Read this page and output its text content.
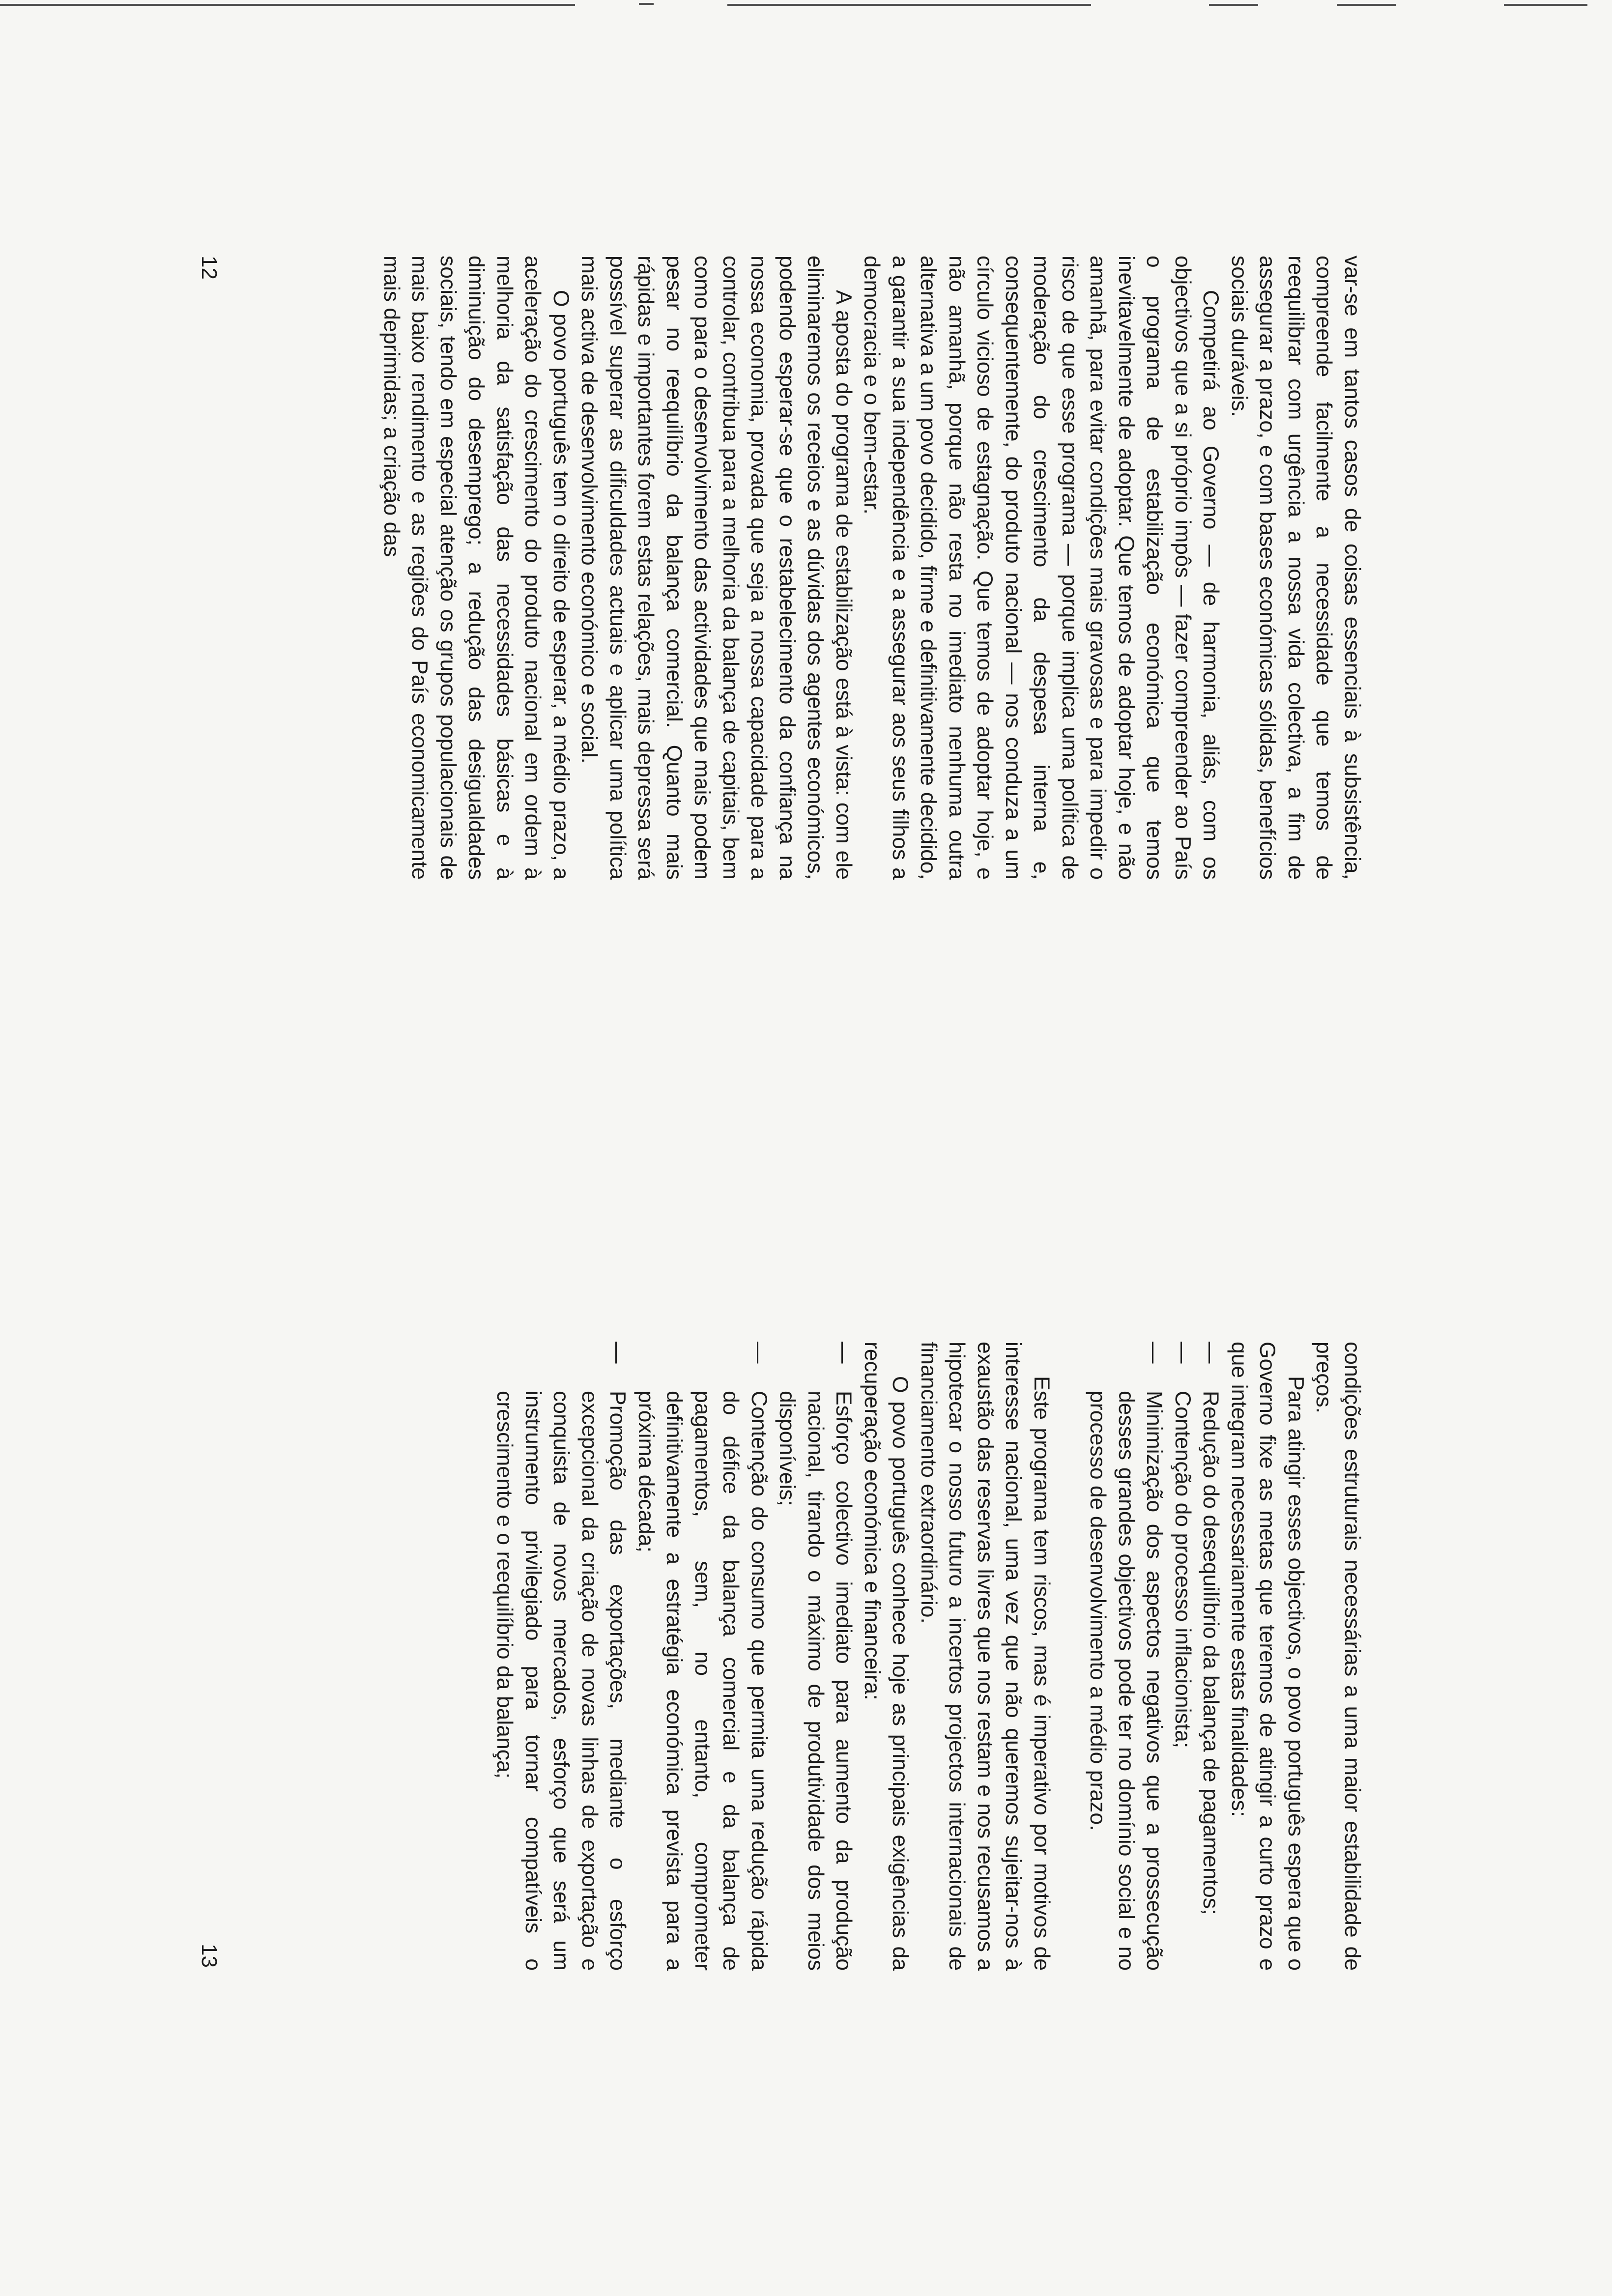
var-se em tantos casos de coisas essenciais à subsistência, compreende facilmente a necessidade que temos de reequilibrar com urgência a nossa vida colectiva, a fim de assegurar a prazo, e com bases económicas sólidas, benefícios sociais duráveis.

Competirá ao Governo — de harmonia, aliás, com os objectivos que a si próprio impôs — fazer compreender ao País o programa de estabilização económica que temos inevitavelmente de adoptar. Que temos de adoptar hoje, e não amanhã, para evitar condições mais gravosas e para impedir o risco de que esse programa — porque implica uma política de moderação do crescimento da despesa interna e, consequentemente, do produto nacional — nos conduza a um círculo vicioso de estagnação. Que temos de adoptar hoje, e não amanhã, porque não resta no imediato nenhuma outra alternativa a um povo decidido, firme e definitivamente decidido, a garantir a sua independência e a assegurar aos seus filhos a democracia e o bem-estar.

A aposta do programa de estabilização está à vista: com ele eliminaremos os receios e as dúvidas dos agentes económicos, podendo esperar-se que o restabelecimento da confiança na nossa economia, provada que seja a nossa capacidade para a controlar, contribua para a melhoria da balança de capitais, bem como para o desenvolvimento das actividades que mais podem pesar no reequilíbrio da balança comercial. Quanto mais rápidas e importantes forem estas relações, mais depressa será possível superar as dificuldades actuais e aplicar uma política mais activa de desenvolvimento económico e social.

O povo português tem o direito de esperar, a médio prazo, a aceleração do crescimento do produto nacional em ordem à melhoria da satisfação das necessidades básicas e à diminuição do desemprego; a redução das desigualdades sociais, tendo em especial atenção os grupos populacionais de mais baixo rendimento e as regiões do País economicamente mais deprimidas; a criação das

12

condições estruturais necessárias a uma maior estabilidade de preços.

Para atingir esses objectivos, o povo português espera que o Governo fixe as metas que teremos de atingir a curto prazo e que integram necessariamente estas finalidades:

— Redução do desequilíbrio da balança de pagamentos;
— Contenção do processo inflacionista;
— Minimização dos aspectos negativos que a prossecução desses grandes objectivos pode ter no domínio social e no processo de desenvolvimento a médio prazo.

Este programa tem riscos, mas é imperativo por motivos de interesse nacional, uma vez que não queremos sujeitar-nos à exaustão das reservas livres que nos restam e nos recusamos a hipotecar o nosso futuro a incertos projectos internacionais de financiamento extraordinário.

O povo português conhece hoje as principais exigências da recuperação económica e financeira:

— Esforço colectivo imediato para aumento da produção nacional, tirando o máximo de produtividade dos meios disponíveis;
— Contenção do consumo que permita uma redução rápida do défice da balança comercial e da balança de pagamentos, sem, no entanto, comprometer definitivamente a estratégia económica prevista para a próxima década;
— Promoção das exportações, mediante o esforço excepcional da criação de novas linhas de exportação e conquista de novos mercados, esforço que será um instrumento privilegiado para tornar compatíveis o crescimento e o reequilíbrio da balança;
13
